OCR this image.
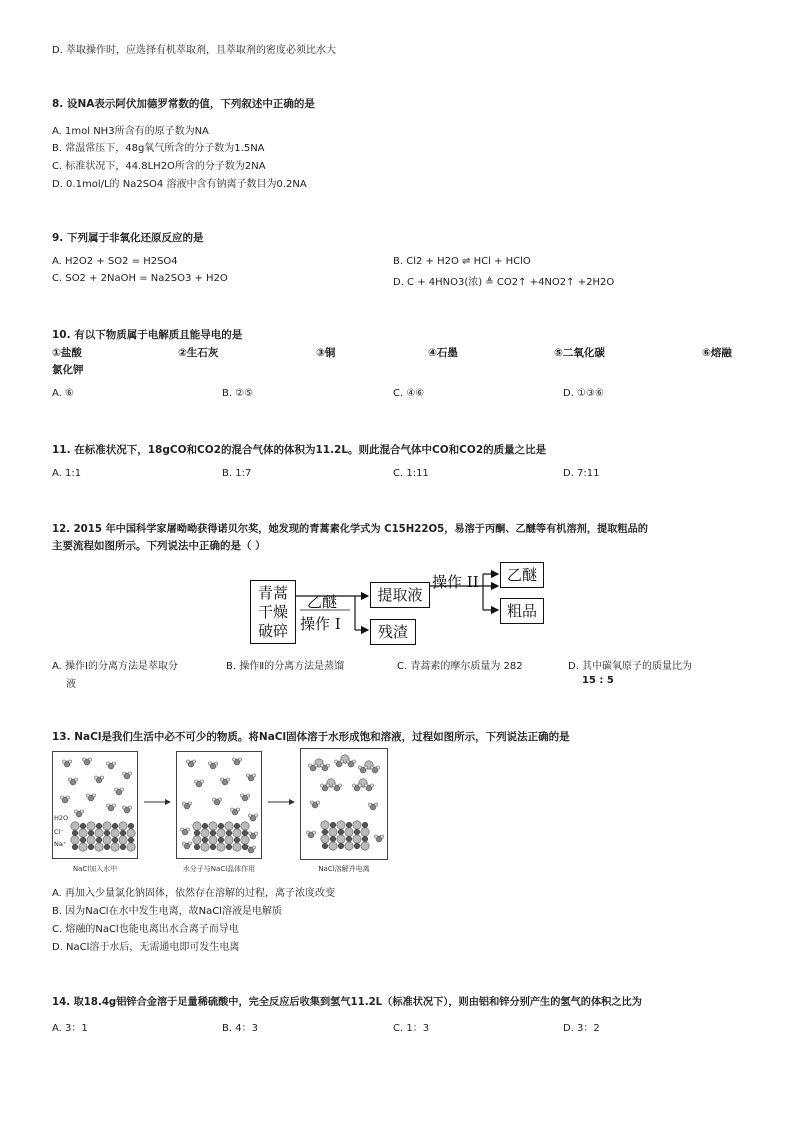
D. 萃取操作时，应选择有机萃取剂，且萃取剂的密度必须比水大
8. 设NA表示阿伏加德罗常数的值，下列叙述中正确的是
A. 1mol NH3所含有的原子数为NA
B. 常温常压下，48g氧气所含的分子数为1.5NA
C. 标准状况下，44.8LH2O所含的分子数为2NA
D. 0.1mol/L的 Na2SO4 溶液中含有钠离子数目为0.2NA
9. 下列属于非氧化还原反应的是
A. H2O2 + SO2 = H2SO4	B. Cl2 + H2O ⇌ HCl + HClO
C. SO2 + 2NaOH = Na2SO3 + H2O	D. C + 4HNO3(浓) ≜ CO2↑ +4NO2↑ +2H2O
10. 有以下物质属于电解质且能导电的是
①盐酸	②生石灰	③铜	④石墨	⑤二氧化碳	⑥熔融
氯化钾
A. ⑥	B. ②⑤	C. ④⑥	D. ①③⑥
11. 在标准状况下，18gCO和CO2的混合气体的体积为11.2L。则此混合气体中CO和CO2的质量之比是
A. 1:1	B. 1:7	C. 1:11	D. 7:11
12. 2015 年中国科学家屠呦呦获得诺贝尔奖，她发现的青蒿素化学式为 C15H22O5，易溶于丙酮、乙醚等有机溶剂，提取粗品的
主要流程如图所示。下列说法中正确的是（ ）
青蒿
干燥
破碎
乙醚
操作 I
提取液
残渣
操作 II	乙醚
粗品
A. 操作Ⅰ的分离方法是萃取分
液
B. 操作Ⅱ的分离方法是蒸馏	C. 青蒿素的摩尔质量为 282	D. 其中碳氧原子的质量比为
15 : 5
13. NaCl是我们生活中必不可少的物质。将NaCl固体溶于水形成饱和溶液，过程如图所示，下列说法正确的是
H2O
Cl⁻
Na⁺
NaCl加入水中	水分子与NaCl晶体作用	NaCl溶解并电离
A. 再加入少量氯化钠固体，依然存在溶解的过程，离子浓度改变
B. 因为NaCl在水中发生电离，故NaCl溶液是电解质
C. 熔融的NaCl也能电离出水合离子而导电
D. NaCl溶于水后，无需通电即可发生电离
14. 取18.4g铝锌合金溶于足量稀硫酸中，完全反应后收集到氢气11.2L（标准状况下），则由铝和锌分别产生的氢气的体积之比为
A. 3：1	B. 4：3	C. 1：3	D. 3：2
